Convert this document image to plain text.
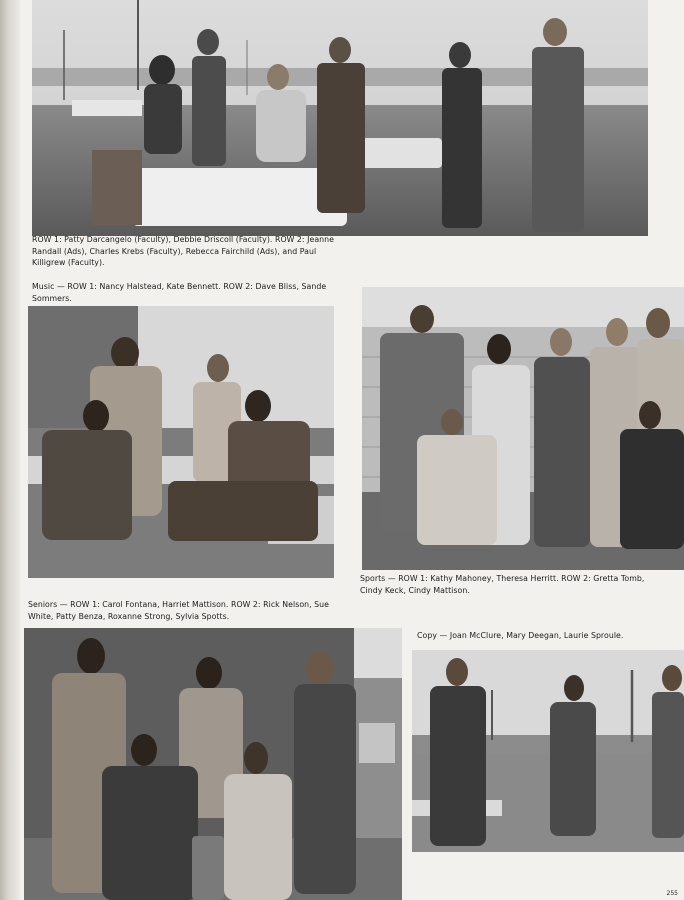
ROW 1: Patty Darcangelo (Faculty), Debbie Driscoll (Faculty). ROW 2: Jeanne Randall (Ads), Charles Krebs (Faculty), Rebecca Fairchild (Ads), and Paul Killigrew (Faculty).

Music — ROW 1: Nancy Halstead, Kate Bennett. ROW 2: Dave Bliss, Sande Sommers.

Sports — ROW 1: Kathy Mahoney, Theresa Herritt. ROW 2: Gretta Tomb, Cindy Keck, Cindy Mattison.

Seniors — ROW 1: Carol Fontana, Harriet Mattison. ROW 2: Rick Nelson, Sue White, Patty Benza, Roxanne Strong, Sylvia Spotts.

Copy — Joan McClure, Mary Deegan, Laurie Sproule.

255
